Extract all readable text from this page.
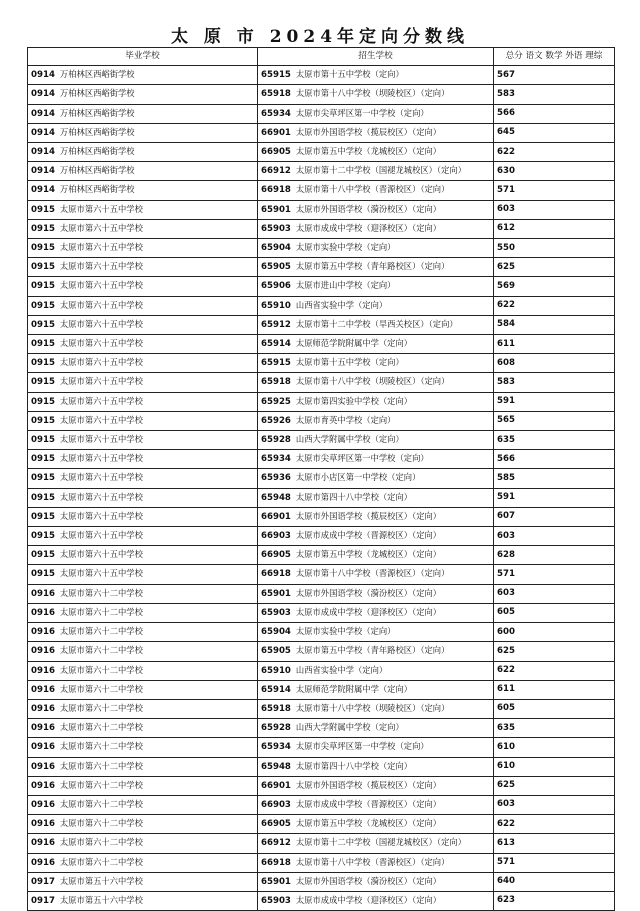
太 原 市 2024年定向分数线
毕业学校	招生学校	总分 语文 数学 外语 理综
0914 万柏林区西峪街学校	65915 太原市第十五中学校（定向）	567
0914 万柏林区西峪街学校	65918 太原市第十八中学校（坝陵校区）（定向）	583
0914 万柏林区西峪街学校	65934 太原市尖草坪区第一中学校（定向）	566
0914 万柏林区西峪街学校	66901 太原市外国语学校（揽辰校区）（定向）	645
0914 万柏林区西峪街学校	66905 太原市第五中学校（龙城校区）（定向）	622
0914 万柏林区西峪街学校	66912 太原市第十二中学校（国褪龙城校区）（定向）	630
0914 万柏林区西峪街学校	66918 太原市第十八中学校（晋源校区）（定向）	571
0915 太原市第六十五中学校	65901 太原市外国语学校（漪汾校区）（定向）	603
0915 太原市第六十五中学校	65903 太原市成成中学校（迎泽校区）（定向）	612
0915 太原市第六十五中学校	65904 太原市实验中学校（定向）	550
0915 太原市第六十五中学校	65905 太原市第五中学校（青年路校区）（定向）	625
0915 太原市第六十五中学校	65906 太原市进山中学校（定向）	569
0915 太原市第六十五中学校	65910 山西省实验中学（定向）	622
0915 太原市第六十五中学校	65912 太原市第十二中学校（旱西关校区）（定向）	584
0915 太原市第六十五中学校	65914 太原师范学院附属中学（定向）	611
0915 太原市第六十五中学校	65915 太原市第十五中学校（定向）	608
0915 太原市第六十五中学校	65918 太原市第十八中学校（坝陵校区）（定向）	583
0915 太原市第六十五中学校	65925 太原市第四实验中学校（定向）	591
0915 太原市第六十五中学校	65926 太原市育英中学校（定向）	565
0915 太原市第六十五中学校	65928 山西大学附属中学校（定向）	635
0915 太原市第六十五中学校	65934 太原市尖草坪区第一中学校（定向）	566
0915 太原市第六十五中学校	65936 太原市小店区第一中学校（定向）	585
0915 太原市第六十五中学校	65948 太原市第四十八中学校（定向）	591
0915 太原市第六十五中学校	66901 太原市外国语学校（揽辰校区）（定向）	607
0915 太原市第六十五中学校	66903 太原市成成中学校（晋源校区）（定向）	603
0915 太原市第六十五中学校	66905 太原市第五中学校（龙城校区）（定向）	628
0915 太原市第六十五中学校	66918 太原市第十八中学校（晋源校区）（定向）	571
0916 太原市第六十二中学校	65901 太原市外国语学校（漪汾校区）（定向）	603
0916 太原市第六十二中学校	65903 太原市成成中学校（迎泽校区）（定向）	605
0916 太原市第六十二中学校	65904 太原市实验中学校（定向）	600
0916 太原市第六十二中学校	65905 太原市第五中学校（青年路校区）（定向）	625
0916 太原市第六十二中学校	65910 山西省实验中学（定向）	622
0916 太原市第六十二中学校	65914 太原师范学院附属中学（定向）	611
0916 太原市第六十二中学校	65918 太原市第十八中学校（坝陵校区）（定向）	605
0916 太原市第六十二中学校	65928 山西大学附属中学校（定向）	635
0916 太原市第六十二中学校	65934 太原市尖草坪区第一中学校（定向）	610
0916 太原市第六十二中学校	65948 太原市第四十八中学校（定向）	610
0916 太原市第六十二中学校	66901 太原市外国语学校（揽辰校区）（定向）	625
0916 太原市第六十二中学校	66903 太原市成成中学校（晋源校区）（定向）	603
0916 太原市第六十二中学校	66905 太原市第五中学校（龙城校区）（定向）	622
0916 太原市第六十二中学校	66912 太原市第十二中学校（国褪龙城校区）（定向）	613
0916 太原市第六十二中学校	66918 太原市第十八中学校（晋源校区）（定向）	571
0917 太原市第五十六中学校	65901 太原市外国语学校（漪汾校区）（定向）	640
0917 太原市第五十六中学校	65903 太原市成成中学校（迎泽校区）（定向）	623
